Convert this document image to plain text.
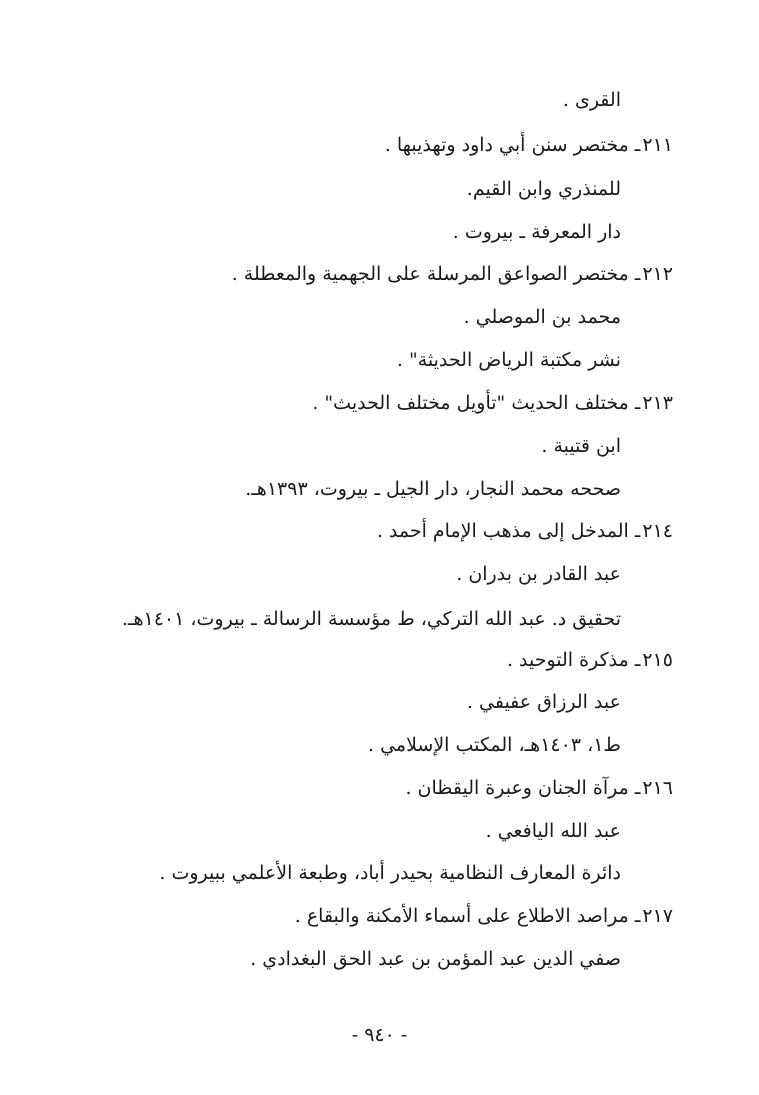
القرى .
٢١١ـ مختصر سنن أبي داود وتهذيبها .
للمنذري وابن القيم.
دار المعرفة ـ بيروت .
٢١٢ـ مختصر الصواعق المرسلة على الجهمية والمعطلة .
محمد بن الموصلي .
نشر مكتبة الرياض الحديثة" .
٢١٣ـ مختلف الحديث "تأويل مختلف الحديث" .
ابن قتيبة .
صححه محمد النجار، دار الجيل ـ بيروت، ١٣٩٣هـ.
٢١٤ـ المدخل إلى مذهب الإمام أحمد .
عبد القادر بن بدران .
تحقيق د. عبد الله التركي، ط مؤسسة الرسالة ـ بيروت، ١٤٠١هـ.
٢١٥ـ مذكرة التوحيد .
عبد الرزاق عفيفي .
ط١، ١٤٠٣هـ، المكتب الإسلامي .
٢١٦ـ مرآة الجنان وعبرة اليقظان .
عبد الله اليافعي .
دائرة المعارف النظامية بحيدر أباد، وطبعة الأعلمي ببيروت .
٢١٧ـ مراصد الاطلاع على أسماء الأمكنة والبقاع .
صفي الدين عبد المؤمن بن عبد الحق البغدادي .
- ٩٤٠ -
